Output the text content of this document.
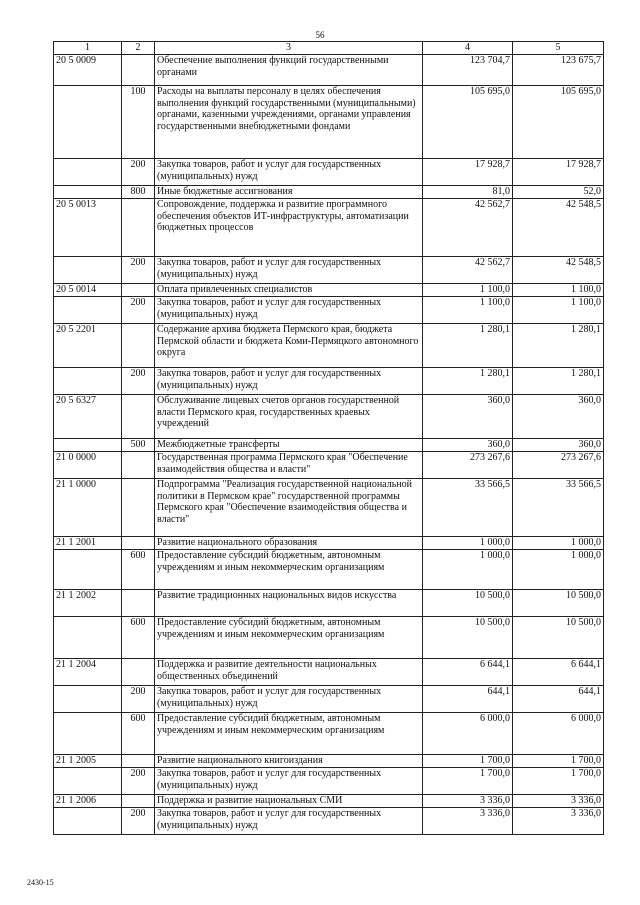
56
1	2	3	4	5
20 5 0009		Обеспечение выполнения функций государственными органами	123 704,7	123 675,7
	100	Расходы на выплаты персоналу в целях обеспечения выполнения функций государственными (муниципальными) органами, казенными учреждениями, органами управления государственными внебюджетными фондами	105 695,0	105 695,0
	200	Закупка товаров, работ и услуг для государственных (муниципальных) нужд	17 928,7	17 928,7
	800	Иные бюджетные ассигнования	81,0	52,0
20 5 0013		Сопровождение, поддержка и развитие программного обеспечения объектов ИТ-инфраструктуры, автоматизации бюджетных процессов	42 562,7	42 548,5
	200	Закупка товаров, работ и услуг для государственных (муниципальных) нужд	42 562,7	42 548,5
20 5 0014		Оплата привлеченных специалистов	1 100,0	1 100,0
	200	Закупка товаров, работ и услуг для государственных (муниципальных) нужд	1 100,0	1 100,0
20 5 2201		Содержание архива бюджета Пермского края, бюджета Пермской области и бюджета Коми-Пермяцкого автономного округа	1 280,1	1 280,1
	200	Закупка товаров, работ и услуг для государственных (муниципальных) нужд	1 280,1	1 280,1
20 5 6327		Обслуживание лицевых счетов органов государственной власти Пермского края, государственных краевых учреждений	360,0	360,0
	500	Межбюджетные трансферты	360,0	360,0
21 0 0000		Государственная программа Пермского края "Обеспечение взаимодействия общества и власти"	273 267,6	273 267,6
21 1 0000		Подпрограмма "Реализация государственной национальной политики в Пермском крае" государственной программы Пермского края "Обеспечение взаимодействия общества и власти"	33 566,5	33 566,5
21 1 2001		Развитие национального образования	1 000,0	1 000,0
	600	Предоставление субсидий бюджетным, автономным учреждениям и иным некоммерческим организациям	1 000,0	1 000,0
21 1 2002		Развитие традиционных национальных видов искусства	10 500,0	10 500,0
	600	Предоставление субсидий бюджетным, автономным учреждениям и иным некоммерческим организациям	10 500,0	10 500,0
21 1 2004		Поддержка и развитие деятельности национальных общественных объединений	6 644,1	6 644,1
	200	Закупка товаров, работ и услуг для государственных (муниципальных) нужд	644,1	644,1
	600	Предоставление субсидий бюджетным, автономным учреждениям и иным некоммерческим организациям	6 000,0	6 000,0
21 1 2005		Развитие национального книгоиздания	1 700,0	1 700,0
	200	Закупка товаров, работ и услуг для государственных (муниципальных) нужд	1 700,0	1 700,0
21 1 2006		Поддержка и развитие национальных СМИ	3 336,0	3 336,0
	200	Закупка товаров, работ и услуг для государственных (муниципальных) нужд	3 336,0	3 336,0
2430-15
